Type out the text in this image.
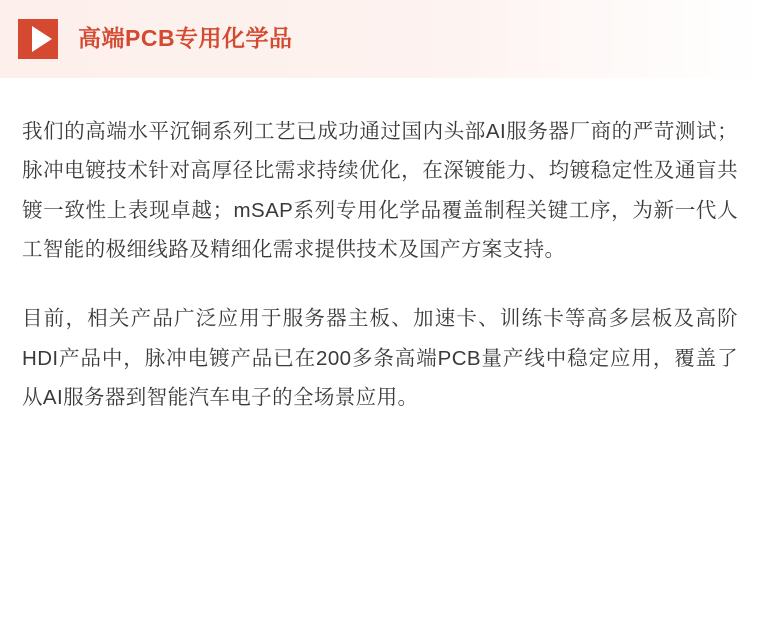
高端PCB专用化学品

我们的高端水平沉铜系列工艺已成功通过国内头部AI服务器厂商的严苛测试；脉冲电镀技术针对高厚径比需求持续优化，在深镀能力、均镀稳定性及通盲共镀一致性上表现卓越；mSAP系列专用化学品覆盖制程关键工序，为新一代人工智能的极细线路及精细化需求提供技术及国产方案支持。

目前，相关产品广泛应用于服务器主板、加速卡、训练卡等高多层板及高阶HDI产品中，脉冲电镀产品已在200多条高端PCB量产线中稳定应用，覆盖了从AI服务器到智能汽车电子的全场景应用。
